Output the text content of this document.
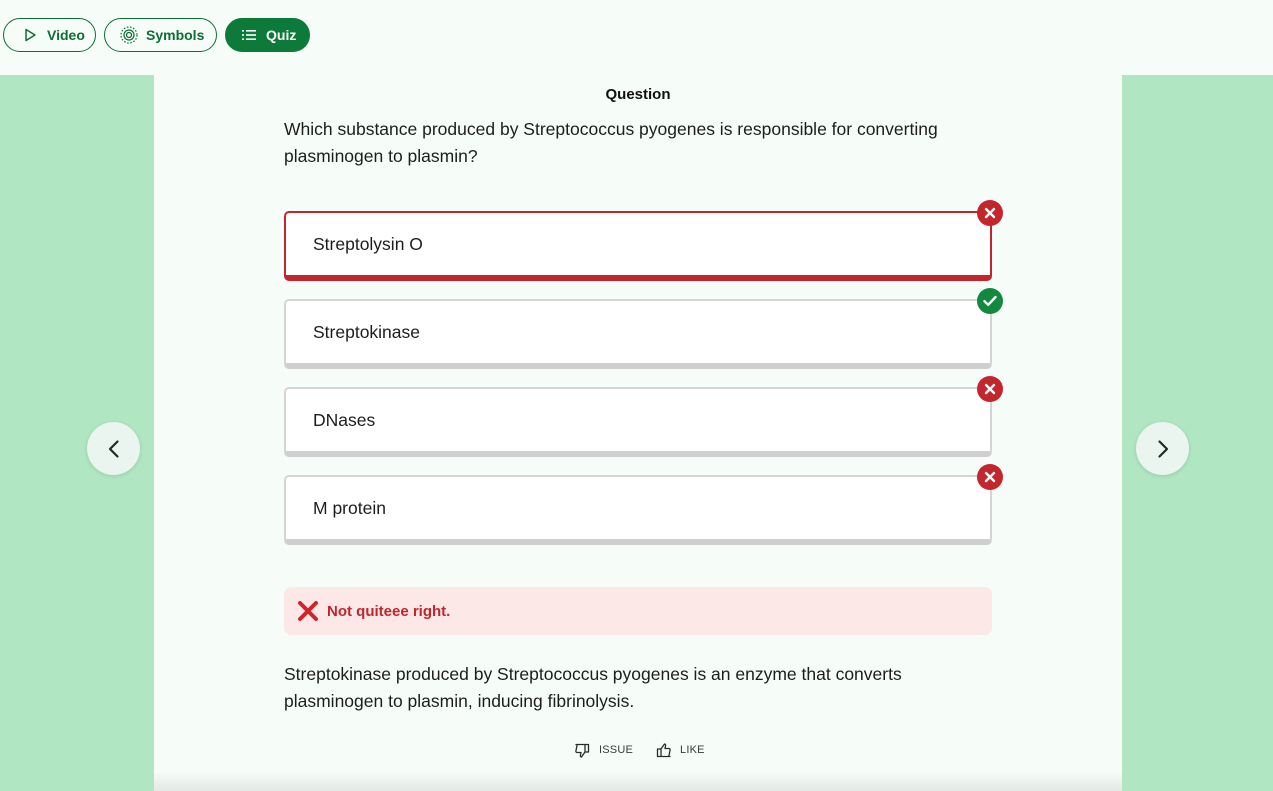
Video	Symbols	Quiz
Question
Which substance produced by Streptococcus pyogenes is responsible for converting plasminogen to plasmin?
Streptolysin O
Streptokinase
DNases
M protein
Not quiteee right.
Streptokinase produced by Streptococcus pyogenes is an enzyme that converts plasminogen to plasmin, inducing fibrinolysis.
ISSUE	LIKE
